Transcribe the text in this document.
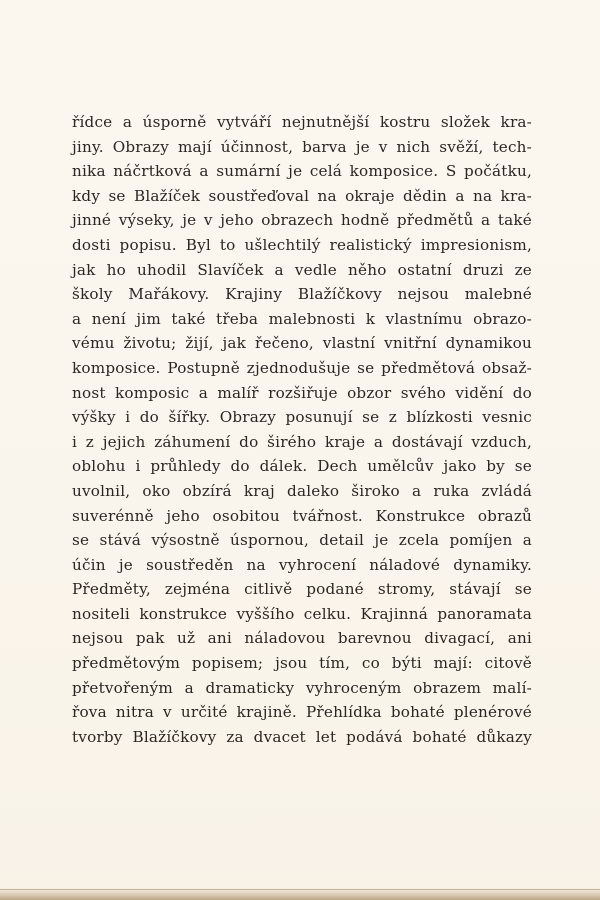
řídce a úsporně vytváří nejnutnější kostru složek kra-
jiny. Obrazy mají účinnost, barva je v nich svěží, tech-
nika náčrtková a sumární je celá komposice. S počátku,
kdy se Blažíček soustřeďoval na okraje dědin a na kra-
jinné výseky, je v jeho obrazech hodně předmětů a také
dosti popisu. Byl to ušlechtilý realistický impresionism,
jak ho uhodil Slavíček a vedle něho ostatní druzi ze
školy Mařákovy. Krajiny Blažíčkovy nejsou malebné
a není jim také třeba malebnosti k vlastnímu obrazo-
vému životu; žijí, jak řečeno, vlastní vnitřní dynamikou
komposice. Postupně zjednodušuje se předmětová obsaž-
nost komposic a malíř rozšiřuje obzor svého vidění do
výšky i do šířky. Obrazy posunují se z blízkosti vesnic
i z jejich záhumení do širého kraje a dostávají vzduch,
oblohu i průhledy do dálek. Dech umělcův jako by se
uvolnil, oko obzírá kraj daleko široko a ruka zvládá
suverénně jeho osobitou tvářnost. Konstrukce obrazů
se stává výsostně úspornou, detail je zcela pomíjen a
účin je soustředěn na vyhrocení náladové dynamiky.
Předměty, zejména citlivě podané stromy, stávají se
nositeli konstrukce vyššího celku. Krajinná panoramata
nejsou pak už ani náladovou barevnou divagací, ani
předmětovým popisem; jsou tím, co býti mají: citově
přetvořeným a dramaticky vyhroceným obrazem malí-
řova nitra v určité krajině. Přehlídka bohaté plenérové
tvorby Blažíčkovy za dvacet let podává bohaté důkazy
